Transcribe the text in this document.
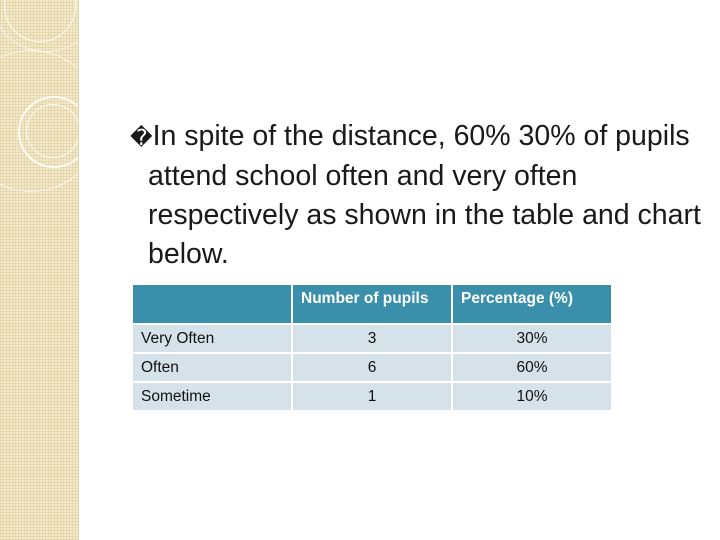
�In spite of the distance, 60% 30% of pupils attend school often and very often respectively as shown in the table and chart below.
	Number of pupils	Percentage (%)
Very Often	3	30%
Often	6	60%
Sometime	1	10%
